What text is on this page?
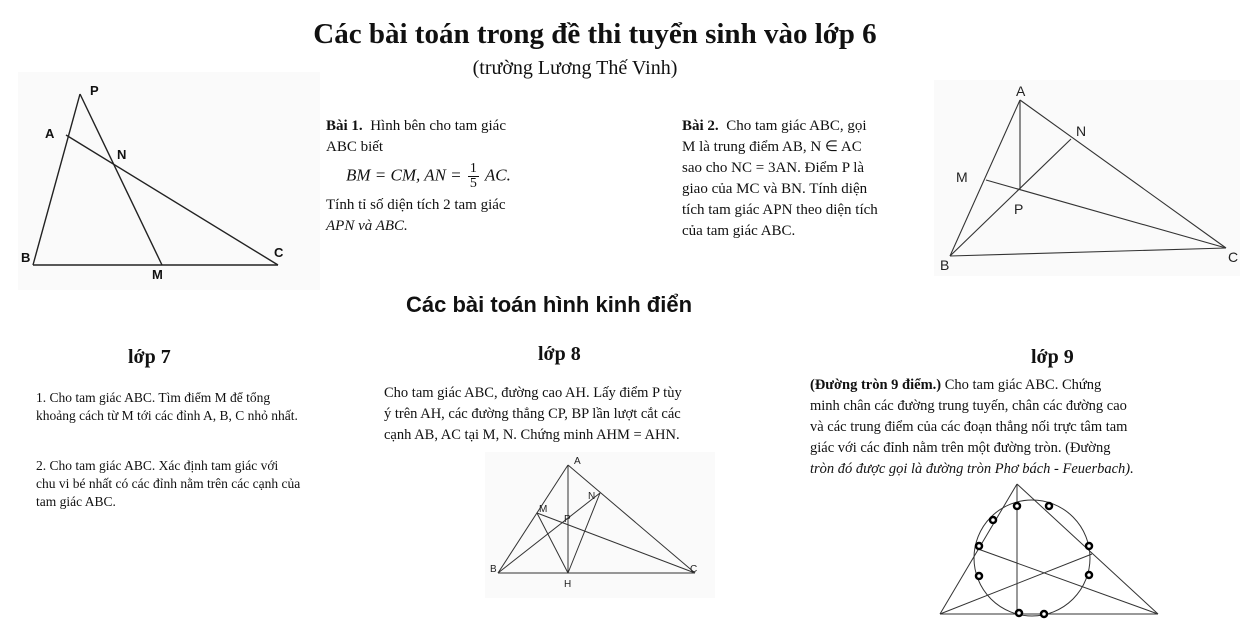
Các bài toán trong đề thi tuyển sinh vào lớp 6
(trường Lương Thế Vinh)
P
A
N
B
M
C
Bài 1. Hình bên cho tam giác
ABC biết
BM = CM, AN = $\frac{1}{5}$ AC.
Tính tỉ số diện tích 2 tam giác
APN và ABC.
Bài 2. Cho tam giác ABC, gọi
M là trung điểm AB, N ∈ AC
sao cho NC = 3AN. Điểm P là
giao của MC và BN. Tính diện
tích tam giác APN theo diện tích
của tam giác ABC.
A
N
M
P
B	C
Các bài toán hình kinh điển
lớp 7
1. Cho tam giác ABC. Tìm điểm M để tổng
khoảng cách từ M tới các đỉnh A, B, C nhỏ nhất.
2. Cho tam giác ABC. Xác định tam giác với
chu vi bé nhất có các đỉnh nằm trên các cạnh của
tam giác ABC.
lớp 8
Cho tam giác ABC, đường cao AH. Lấy điểm P tùy
ý trên AH, các đường thẳng CP, BP lần lượt cắt các
cạnh AB, AC tại M, N. Chứng minh AHM = AHN.
A
N
M
P
B
H
C
lớp 9
(Đường tròn 9 điểm.) Cho tam giác ABC. Chứng
minh chân các đường trung tuyến, chân các đường cao
và các trung điểm của các đoạn thẳng nối trực tâm tam
giác với các đỉnh nằm trên một đường tròn. (Đường
tròn đó được gọi là đường tròn Phơ bách - Feuerbach).
